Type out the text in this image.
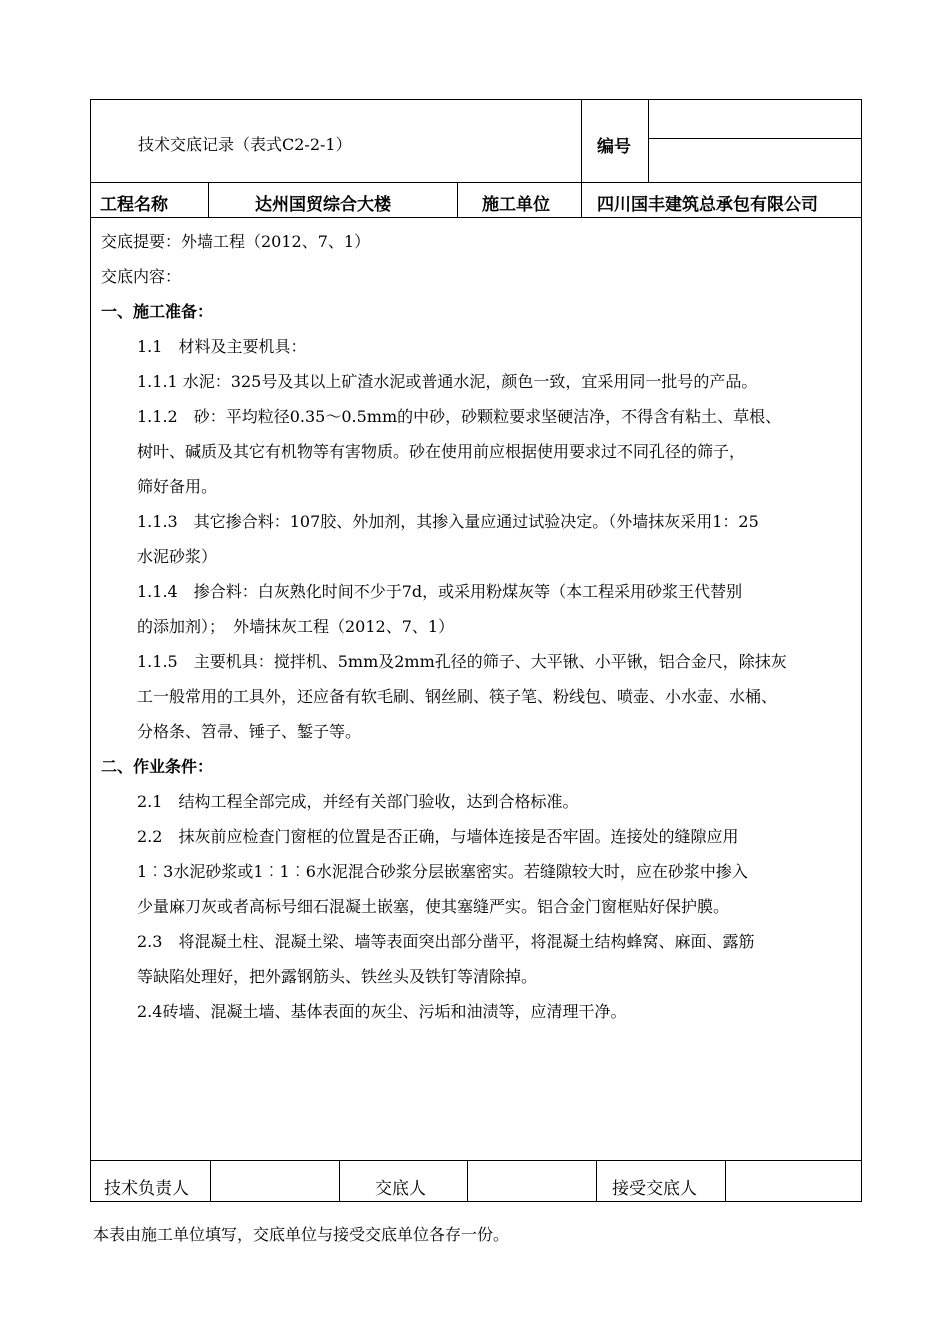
技术交底记录（表式C2-2-1）	编号
工程名称	达州国贸综合大楼	施工单位	四川国丰建筑总承包有限公司
交底提要：外墙工程（2012、7、1）
交底内容：
一、施工准备：
1.1　材料及主要机具：
1.1.1 水泥：325号及其以上矿渣水泥或普通水泥，颜色一致，宜采用同一批号的产品。
1.1.2　砂：平均粒径0.35～0.5mm的中砂，砂颗粒要求坚硬洁净，不得含有粘土、草根、
树叶、碱质及其它有机物等有害物质。砂在使用前应根据使用要求过不同孔径的筛子，
筛好备用。
1.1.3　其它掺合料：107胶、外加剂，其掺入量应通过试验决定。（外墙抹灰采用1：25
水泥砂浆）
1.1.4　掺合料：白灰熟化时间不少于7d，或采用粉煤灰等（本工程采用砂浆王代替别
的添加剂）；　外墙抹灰工程（2012、7、1）
1.1.5　主要机具：搅拌机、5mm及2mm孔径的筛子、大平锹、小平锹，铝合金尺，除抹灰
工一般常用的工具外，还应备有软毛刷、钢丝刷、筷子笔、粉线包、喷壶、小水壶、水桶、
分格条、笤帚、锤子、錾子等。
二、作业条件：
2.1　结构工程全部完成，并经有关部门验收，达到合格标准。
2.2　抹灰前应检查门窗框的位置是否正确，与墙体连接是否牢固。连接处的缝隙应用
1︰3水泥砂浆或1︰1︰6水泥混合砂浆分层嵌塞密实。若缝隙较大时，应在砂浆中掺入
少量麻刀灰或者高标号细石混凝土嵌塞，使其塞缝严实。铝合金门窗框贴好保护膜。
2.3　将混凝土柱、混凝土梁、墙等表面突出部分凿平，将混凝土结构蜂窝、麻面、露筋
等缺陷处理好，把外露钢筋头、铁丝头及铁钉等清除掉。
2.4砖墙、混凝土墙、基体表面的灰尘、污垢和油渍等，应清理干净。
技术负责人	交底人	接受交底人
本表由施工单位填写，交底单位与接受交底单位各存一份。
